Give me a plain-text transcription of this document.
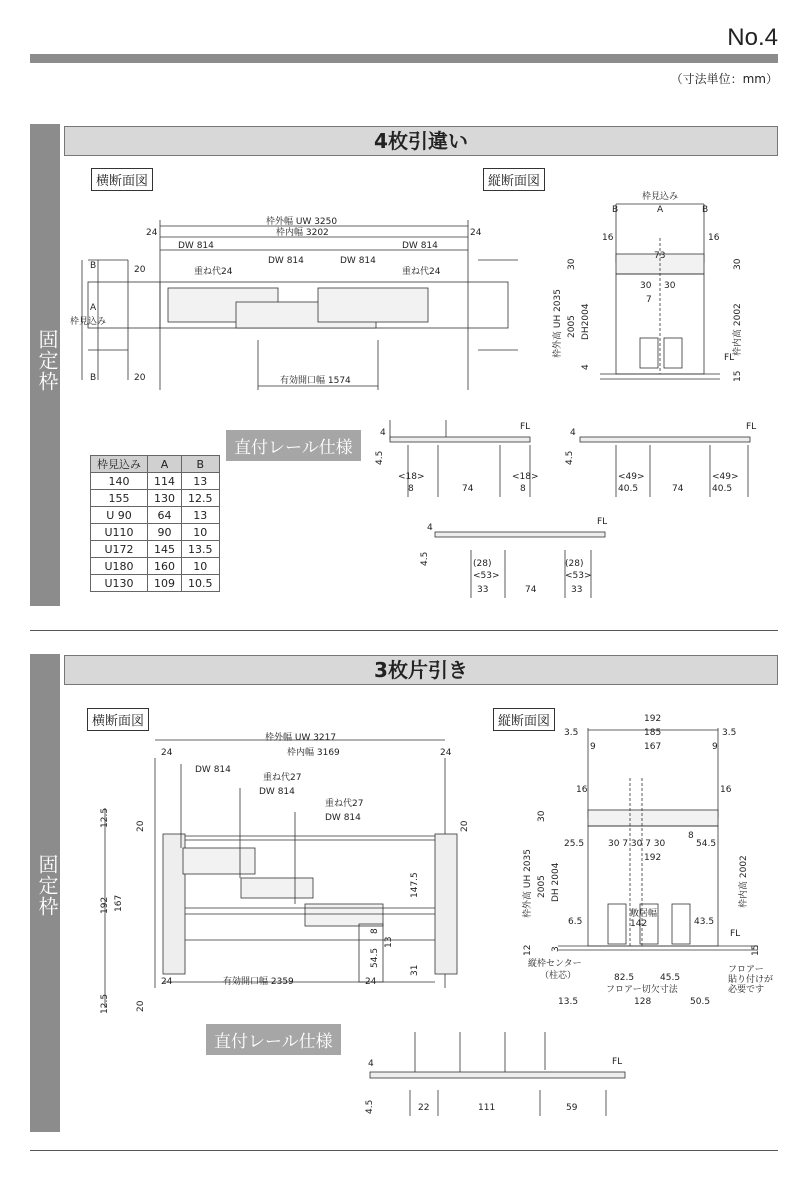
No.4
（寸法単位：mm）
固定枠
4枚引違い
横断面図	縦断面図
枠外幅 UW 3250
枠内幅 3202
24	24
DW 814
DW 814	DW 814
DW 814
重ね代24	重ね代24
有効開口幅 1574
A
B
B
20
20
枠見込み
枠見込み
B	A	B
16	16
73
30 30
7
FL
枠外高 UH 2035 2005 DH2004	枠内高 2002
30	30
4
15
直付レール仕様
枠見込み	A	B
140	114	13
155	130	12.5
U 90	64	13
U110	90	10
U172	145	13.5
U180	160	10
U130	109	10.5
4
4.5
FL
<18>
8	74
<18>
8
4
4.5
FL
<49>
40.5	74
<49>
40.5
4
4.5
FL
(28)
<53>
33	74
(28)
<53>
33
固定枠
3枚片引き
横断面図	縦断面図
枠外幅 UW 3217
枠内幅 3169
24	24
DW 814
重ね代27
DW 814
重ね代27
DW 814
有効開口幅 2359
24	24
12.5
12.5
192 167
20
20
20
147.5
54.5
8
13
31
192
185
167
3.5	3.5
9	9
16	16
25.5	30 7 30 7 30
8
54.5
192
敷居幅
142
6.5	43.5
FL
縦枠センター
（柱芯）	82.5	45.5
フロアー切欠寸法
128
13.5	50.5
フロアー
貼り付けが
必要です
枠外高 UH 2035 2005 DH 2004	枠内高 2002
30
12 3	15
直付レール仕様
4
4.5
FL
22	111	59
